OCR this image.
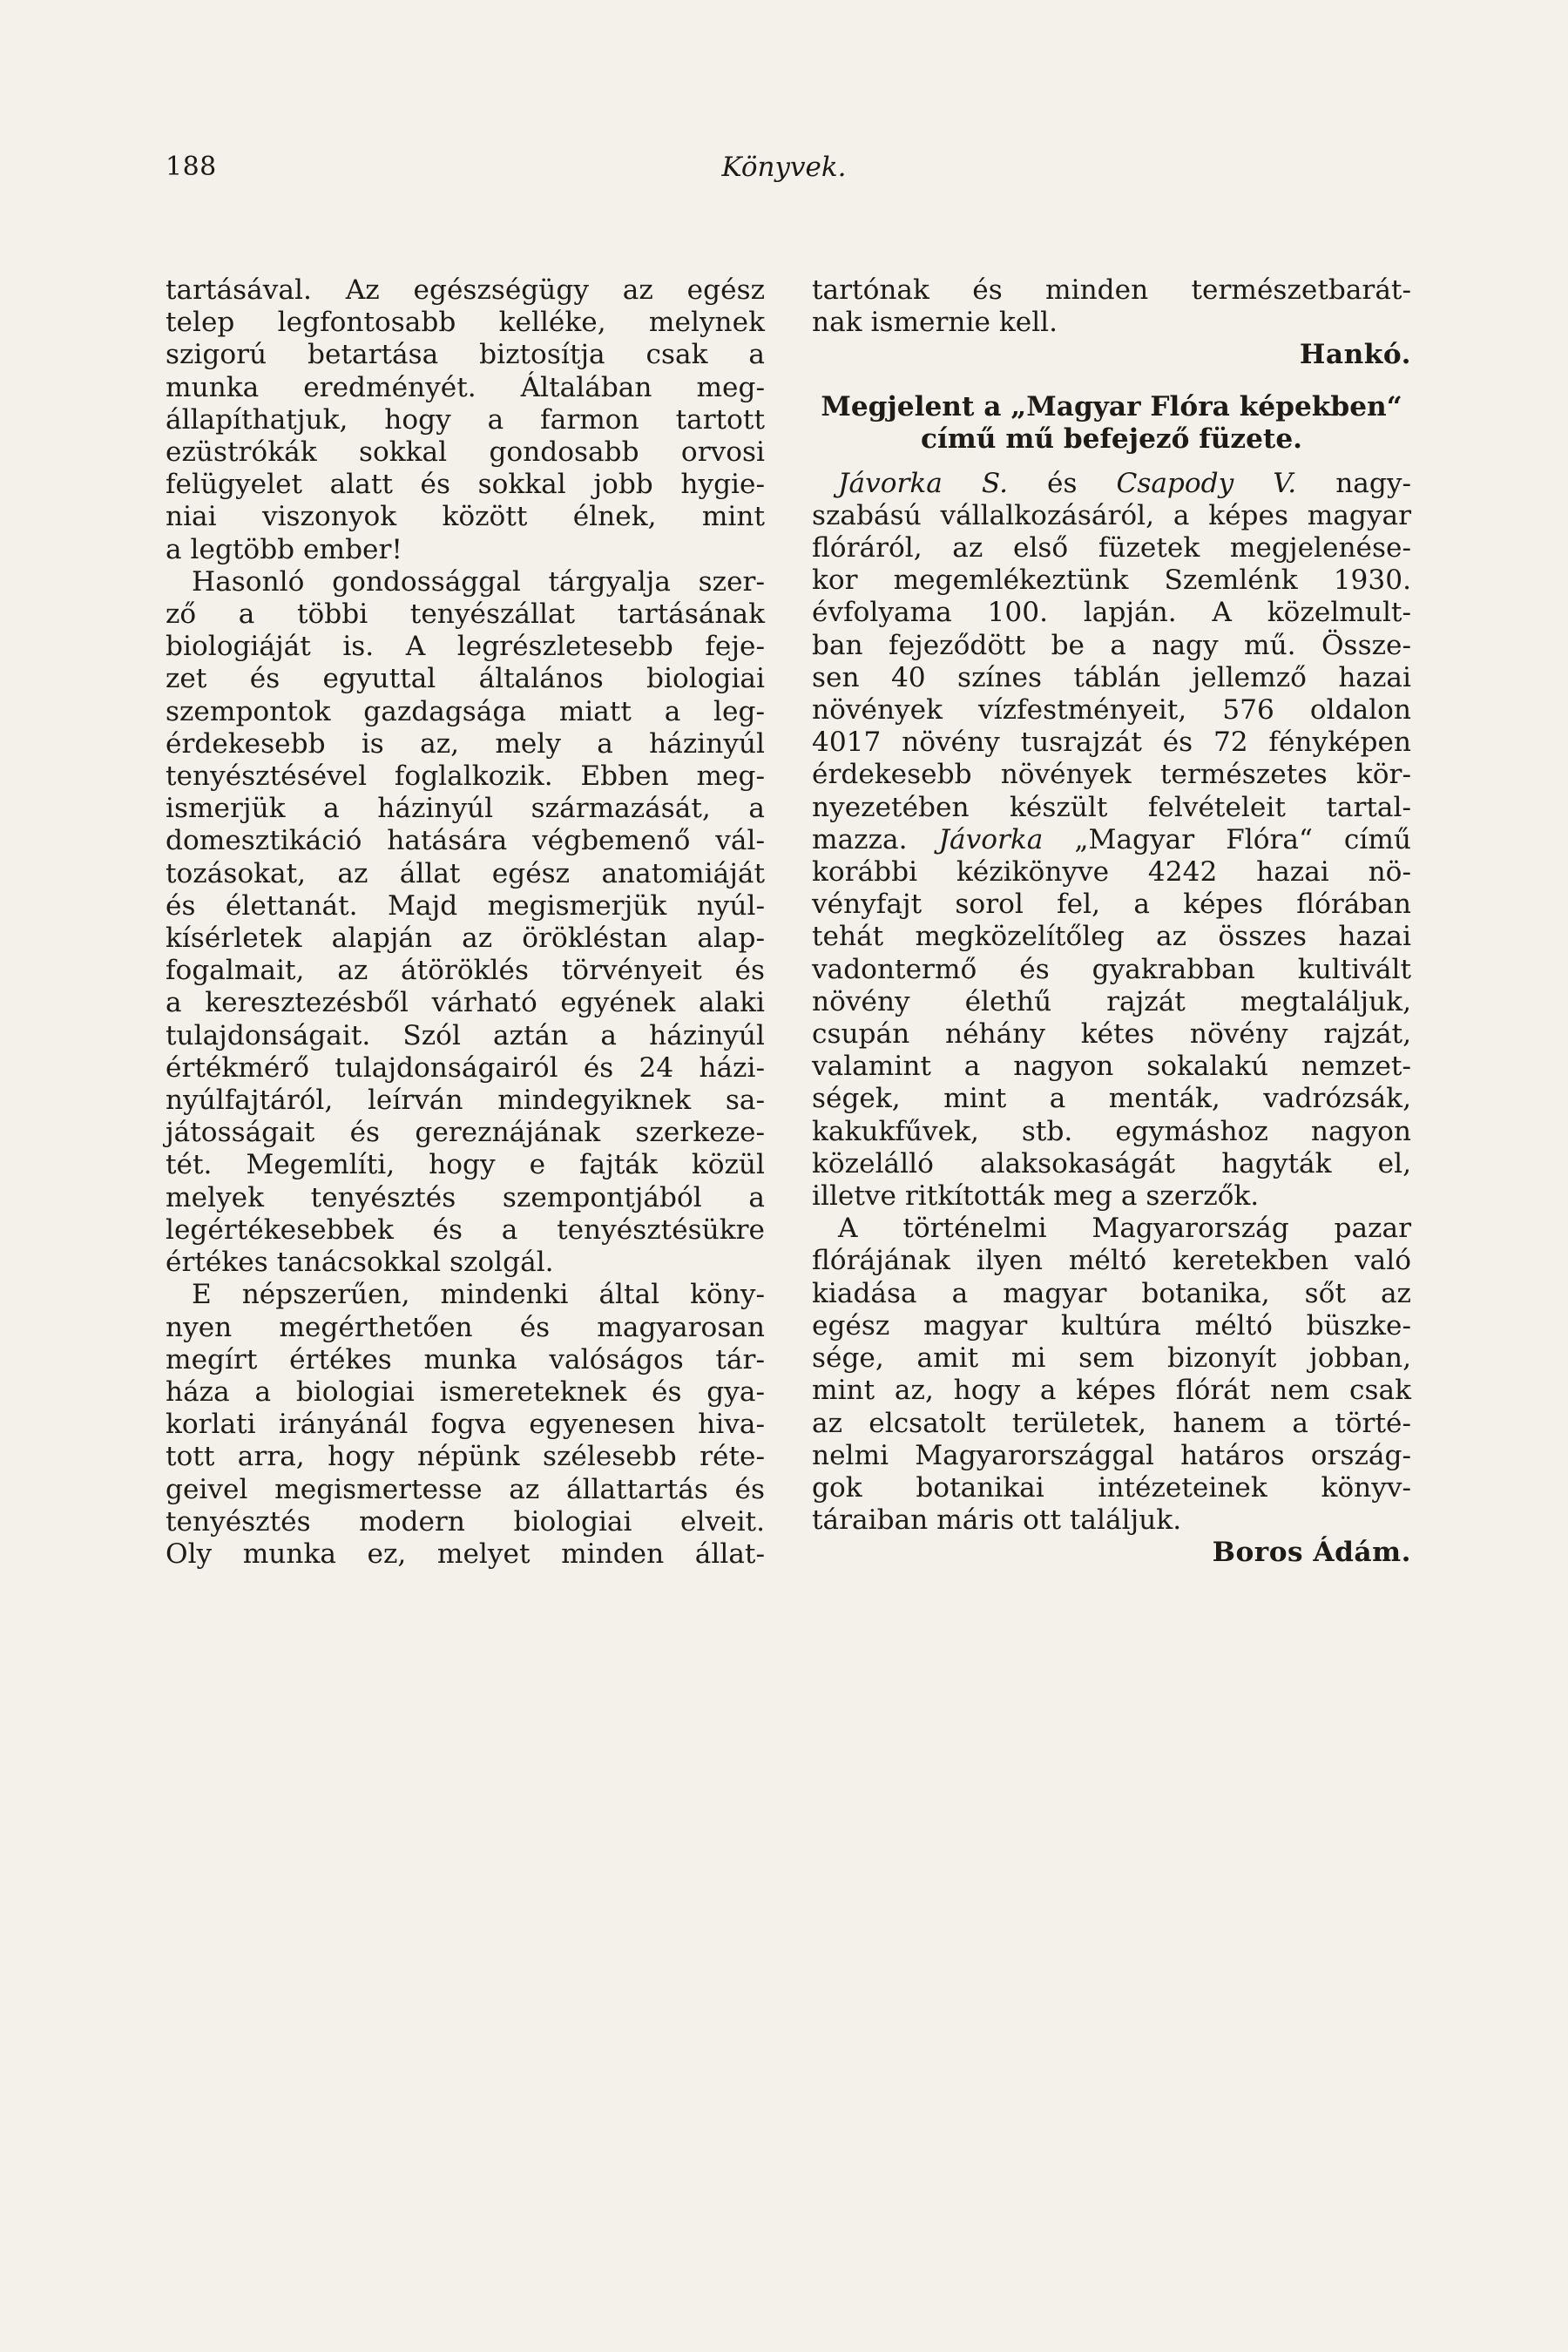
188	Könyvek.

tartásával. Az egészségügy az egész

telep legfontosabb kelléke, melynek

szigorú betartása biztosítja csak a

munka eredményét. Általában meg-

állapíthatjuk, hogy a farmon tartott

ezüstrókák sokkal gondosabb orvosi

felügyelet alatt és sokkal jobb hygie-

niai viszonyok között élnek, mint

a legtöbb ember!

Hasonló gondossággal tárgyalja szer-

ző a többi tenyészállat tartásának

biologiáját is. A legrészletesebb feje-

zet és egyuttal általános biologiai

szempontok gazdagsága miatt a leg-

érdekesebb is az, mely a házinyúl

tenyésztésével foglalkozik. Ebben meg-

ismerjük a házinyúl származását, a

domesztikáció hatására végbemenő vál-

tozásokat, az állat egész anatomiáját

és élettanát. Majd megismerjük nyúl-

kísérletek alapján az örökléstan alap-

fogalmait, az átöröklés törvényeit és

a keresztezésből várható egyének alaki

tulajdonságait. Szól aztán a házinyúl

értékmérő tulajdonságairól és 24 házi-

nyúlfajtáról, leírván mindegyiknek sa-

játosságait és gereznájának szerkeze-

tét. Megemlíti, hogy e fajták közül

melyek tenyésztés szempontjából a

legértékesebbek és a tenyésztésükre

értékes tanácsokkal szolgál.

E népszerűen, mindenki által köny-

nyen megérthetően és magyarosan

megírt értékes munka valóságos tár-

háza a biologiai ismereteknek és gya-

korlati irányánál fogva egyenesen hiva-

tott arra, hogy népünk szélesebb réte-

geivel megismertesse az állattartás és

tenyésztés modern biologiai elveit.

Oly munka ez, melyet minden állat-

tartónak és minden természetbarát-

nak ismernie kell.

Hankó.

Megjelent a „Magyar Flóra képekben“

című mű befejező füzete.

Jávorka S. és Csapody V. nagy-

szabású vállalkozásáról, a képes magyar

flóráról, az első füzetek megjelenése-

kor megemlékeztünk Szemlénk 1930.

évfolyama 100. lapján. A közelmult-

ban fejeződött be a nagy mű. Össze-

sen 40 színes táblán jellemző hazai

növények vízfestményeit, 576 oldalon

4017 növény tusrajzát és 72 fényképen

érdekesebb növények természetes kör-

nyezetében készült felvételeit tartal-

mazza. Jávorka „Magyar Flóra“ című

korábbi kézikönyve 4242 hazai nö-

vényfajt sorol fel, a képes flórában

tehát megközelítőleg az összes hazai

vadontermő és gyakrabban kultivált

növény élethű rajzát megtaláljuk,

csupán néhány kétes növény rajzát,

valamint a nagyon sokalakú nemzet-

ségek, mint a menták, vadrózsák,

kakukfűvek, stb. egymáshoz nagyon

közelálló alaksokaságát hagyták el,

illetve ritkították meg a szerzők.

A történelmi Magyarország pazar

flórájának ilyen méltó keretekben való

kiadása a magyar botanika, sőt az

egész magyar kultúra méltó büszke-

sége, amit mi sem bizonyít jobban,

mint az, hogy a képes flórát nem csak

az elcsatolt területek, hanem a törté-

nelmi Magyarországgal határos ország-

gok botanikai intézeteinek könyv-

táraiban máris ott találjuk.

Boros Ádám.
